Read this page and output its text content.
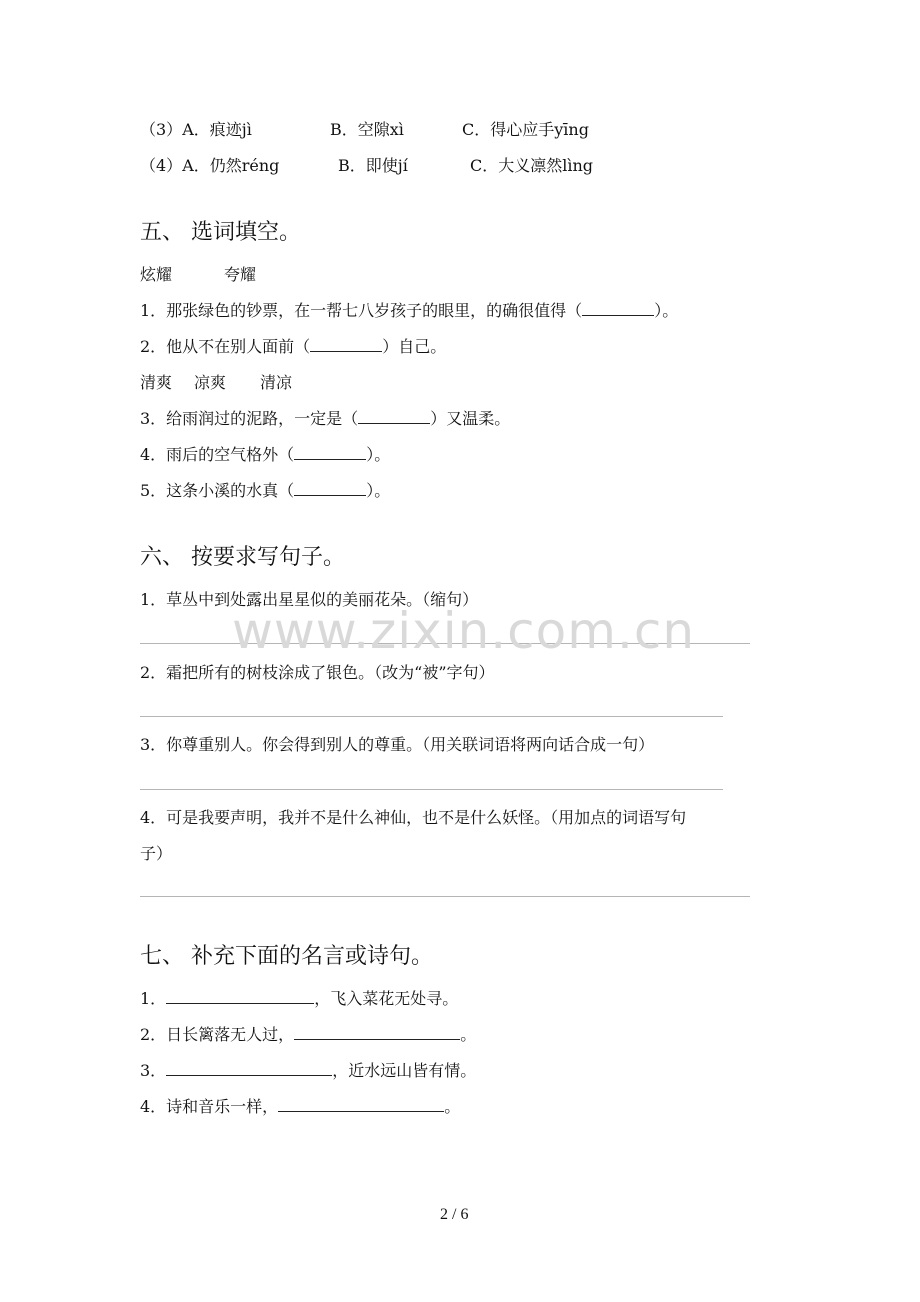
（3）A．痕迹jì	B．空隙xì	C．得心应手yīng
（4）A．仍然réng	B．即使jí	C．大义凛然lìng
五、 选词填空。
炫耀	夸耀
1．那张绿色的钞票，在一帮七八岁孩子的眼里，的确很值得（	）。
2．他从不在别人面前（	）自己。
清爽 凉爽 清凉
3．给雨润过的泥路，一定是（	）又温柔。
4．雨后的空气格外（	）。
5．这条小溪的水真（	）。
六、 按要求写句子。
1．草丛中到处露出星星似的美丽花朵。（缩句）
2．霜把所有的树枝涂成了银色。（改为“被”字句）
3．你尊重别人。你会得到别人的尊重。（用关联词语将两向话合成一句）
4．可是我要声明，我并不是什么神仙，也不是什么妖怪。（用加点的词语写句
子）
www.zixin.com.cn
七、 补充下面的名言或诗句。
1．	，飞入菜花无处寻。
2．日长篱落无人过，	。
3．	，近水远山皆有情。
4．诗和音乐一样，	。
2 / 6
